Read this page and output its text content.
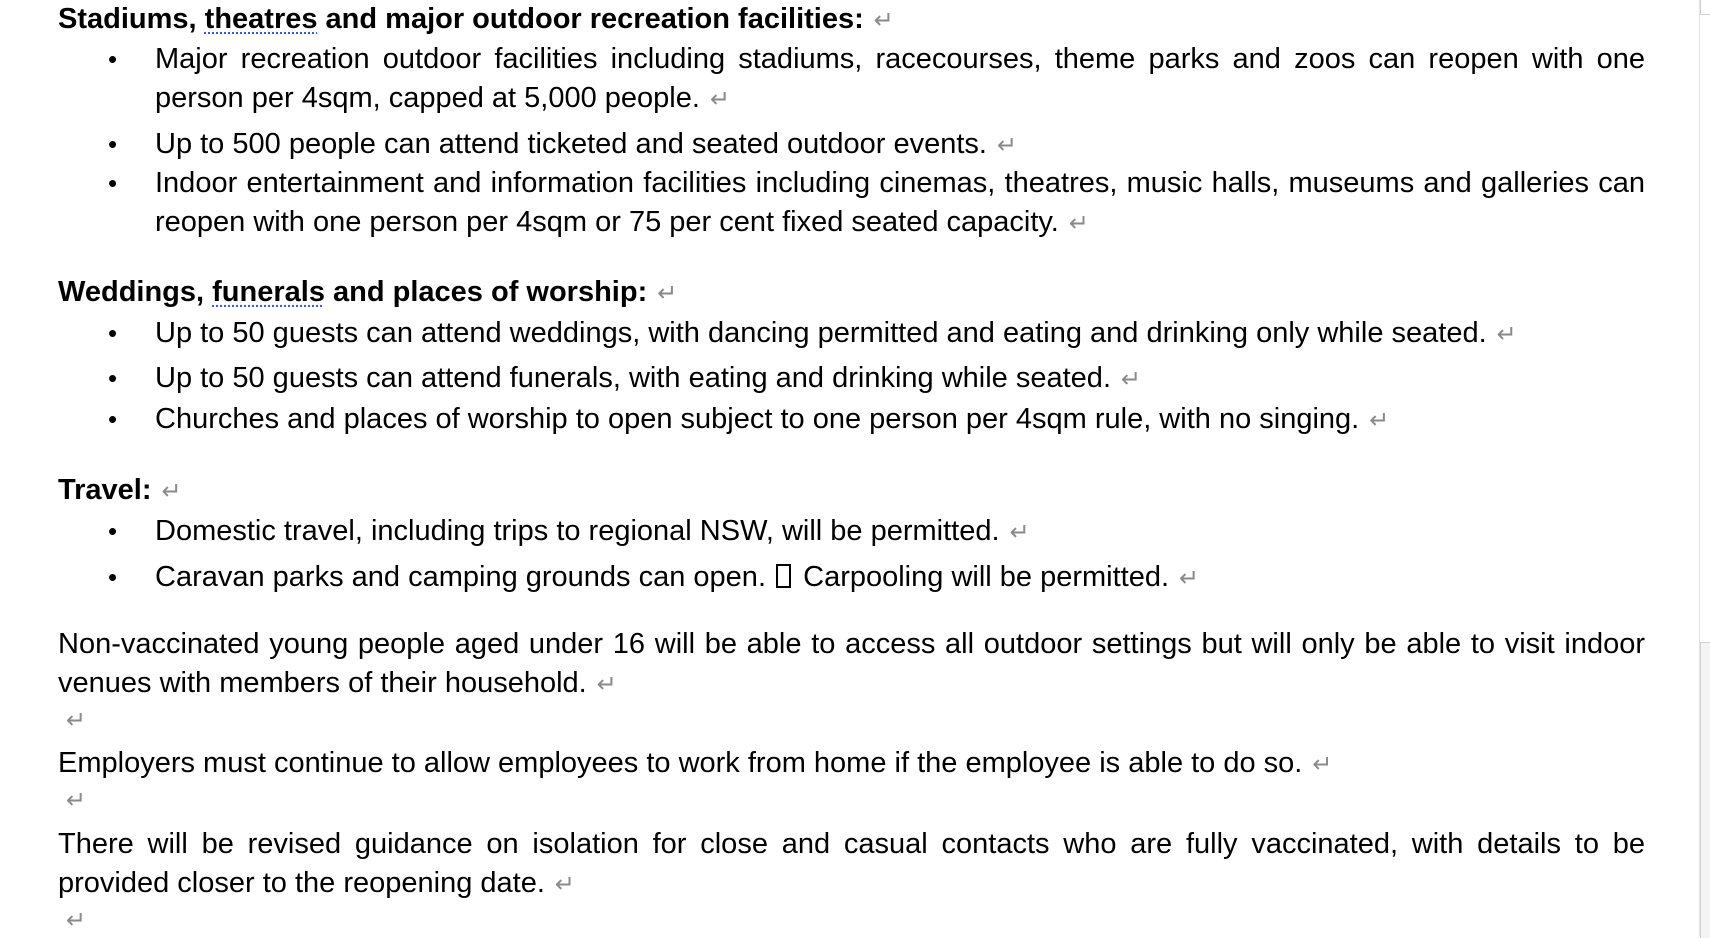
Stadiums, theatres and major outdoor recreation facilities: ↵
• Major recreation outdoor facilities including stadiums, racecourses, theme parks and zoos can reopen with one person per 4sqm, capped at 5,000 people. ↵
• Up to 500 people can attend ticketed and seated outdoor events. ↵
• Indoor entertainment and information facilities including cinemas, theatres, music halls, museums and galleries can reopen with one person per 4sqm or 75 per cent fixed seated capacity. ↵
Weddings, funerals and places of worship: ↵
• Up to 50 guests can attend weddings, with dancing permitted and eating and drinking only while seated. ↵
• Up to 50 guests can attend funerals, with eating and drinking while seated. ↵
• Churches and places of worship to open subject to one person per 4sqm rule, with no singing. ↵
Travel: ↵
• Domestic travel, including trips to regional NSW, will be permitted. ↵
• Caravan parks and camping grounds can open. Carpooling will be permitted. ↵
Non-vaccinated young people aged under 16 will be able to access all outdoor settings but will only be able to visit indoor venues with members of their household. ↵
↵
Employers must continue to allow employees to work from home if the employee is able to do so. ↵
↵
There will be revised guidance on isolation for close and casual contacts who are fully vaccinated, with details to be provided closer to the reopening date. ↵
↵
